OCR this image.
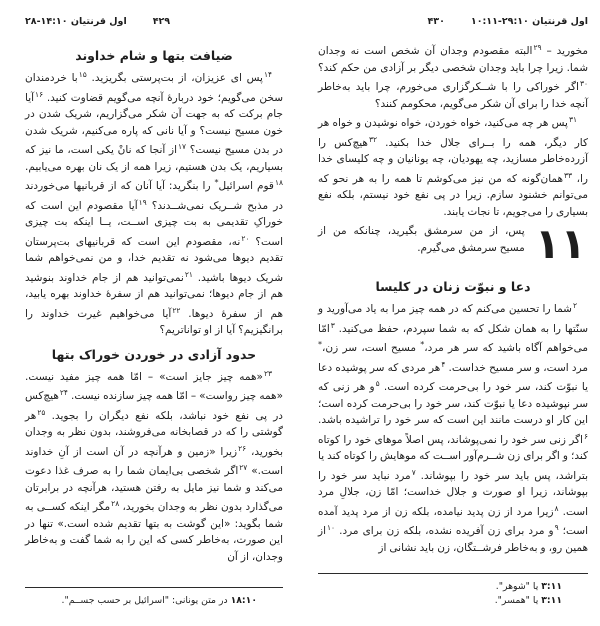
اول قرنتیان ۲۸-۱۴:۱۰	۴۲۹
ضیافت بتها و شام خداوند

$^{۱۴}$پس ای عزیزان، از بت‌پرستی بگریزید. $^{۱۵}$با خردمندان سخن می‌گویم؛ خود دربارهٔ آنچه می‌گویم قضاوت کنید. $^{۱۶}$آیا جام برکت که به جهت آن شکر می‌گزاریم، شریک شدن در خون مسیح نیست؟ و آیا نانی که پاره می‌کنیم، شریک شدن در بدن مسیح نیست؟ $^{۱۷}$از آنجا که نانْ یکی است، ما نیز که بسیاریم، یک بدن هستیم، زیرا همه از یک نان بهره می‌یابیم. $^{۱۸}$قوم اسرائیل* را بنگرید: آیا آنان که از قربانیها می‌خوردند در مذبح شــریک نمی‌شــدند؟ $^{۱۹}$آیا مقصودم این است که خوراکِ تقدیمی به بت چیزی اســت، یــا اینکه بت چیزی است؟ $^{۲۰}$نه، مقصودم این است که قربانیهای بت‌پرستان تقدیم دیوها می‌شود نه تقدیم خدا، و من نمی‌خواهم شما شریک دیوها باشید. $^{۲۱}$نمی‌توانید هم از جام خداوند بنوشید هم از جام دیوها؛ نمی‌توانید هم از سفرهٔ خداوند بهره یابید، هم از سفرهٔ دیوها. $^{۲۲}$آیا می‌خواهیم غیرت خداوند را برانگیزیم؟ آیا از او تواناتریم؟

حدود آزادی در خوردن خوراک بتها

$^{۲۳}$«همه چیز جایز است» – امّا همه چیز مفید نیست. «همه چیز رواست» – امّا همه چیز سازنده نیست. $^{۲۴}$هیچ‌کس در پی نفع خود نباشد، بلکه نفع دیگران را بجوید. $^{۲۵}$هر گوشتی را که در قصابخانه می‌فروشند، بدون نظر به وجدان بخورید، $^{۲۶}$زیرا «زمین و هرآنچه در آن است از آنِ خداوند است.» $^{۲۷}$اگر شخصی بی‌ایمان شما را به صرف غذا دعوت می‌کند و شما نیز مایل به رفتن هستید، هرآنچه در برابرتان می‌گذارد بدون نظر به وجدان بخورید، $^{۲۸}$مگر اینکه کســی به شما بگوید: «این گوشت به بتها تقدیم شده است.» تنها در این صورت، به‌خاطر کسی که این را به شما گفت و به‌خاطر وجدان، از آن

۱۸:۱۰ در متن یونانی: "اسرائیل بر حسب جســم".
۴۳۰	اول قرنتیان ۱۰:۱۱-۲۹:۱۰

مخورید – $^{۲۹}$البته مقصودم وجدان آن شخص است نه وجدان شما. زیرا چرا باید وجدان شخصی دیگر بر آزادی من حکم کند؟ $^{۳۰}$اگر خوراکی را با شــکرگزاری می‌خورم، چرا باید به‌خاطر آنچه خدا را برای آن شکر می‌گویم، محکومم کنند؟

$^{۳۱}$پس هر چه می‌کنید، خواه خوردن، خواه نوشیدن و خواه هر کار دیگر، همه را بــرای جلال خدا بکنید. $^{۳۲}$هیچ‌کس را آزرده‌خاطر مسازید، چه یهودیان، چه یونانیان و چه کلیسای خدا را، $^{۳۳}$همان‌گونه که من نیز می‌کوشم تا همه را به هر نحو که می‌توانم خشنود سازم. زیرا در پی نفع خود نیستم، بلکه نفع بسیاری را می‌جویم، تا نجات یابند.

۱۱
پس، از من سرمشق بگیرید، چنانکه من از مسیح سرمشق می‌گیرم.

دعا و نبوّت زنان در کلیسا

$^۲$شما را تحسین می‌کنم که در همه چیز مرا به یاد می‌آورید و سنّتها را به همان شکل که به شما سپردم، حفظ می‌کنید. $^۳$امّا می‌خواهم آگاه باشید که سر هر مرد،* مسیح است، سر زن،* مرد است، و سر مسیح خداست. $^۴$هر مردی که سر پوشیده دعا یا نبوّت کند، سر خود را بی‌حرمت کرده است. $^۵$و هر زنی که سر نپوشیده دعا یا نبوّت کند، سر خود را بی‌حرمت کرده است؛ این کار او درست مانند این است که سر خود را تراشیده باشد. $^۶$اگر زنی سر خود را نمی‌پوشاند، پس اصلاً موهای خود را کوتاه کند؛ و اگر برای زن شــرم‌آور اســت که موهایش را کوتاه کند یا بتراشد، پس باید سر خود را بپوشاند. $^۷$مرد نباید سر خود را بپوشاند، زیرا او صورت و جلال خداست؛ امّا زن، جلالِ مرد است. $^۸$زیرا مرد از زن پدید نیامده، بلکه زن از مرد پدید آمده است؛ $^۹$و مرد برای زن آفریده نشده، بلکه زن برای مرد. $^{۱۰}$از همین رو، و به‌خاطر فرشــتگان، زن باید نشانی از

۳:۱۱ یا "شوهر".
۳:۱۱ یا "همسر".
